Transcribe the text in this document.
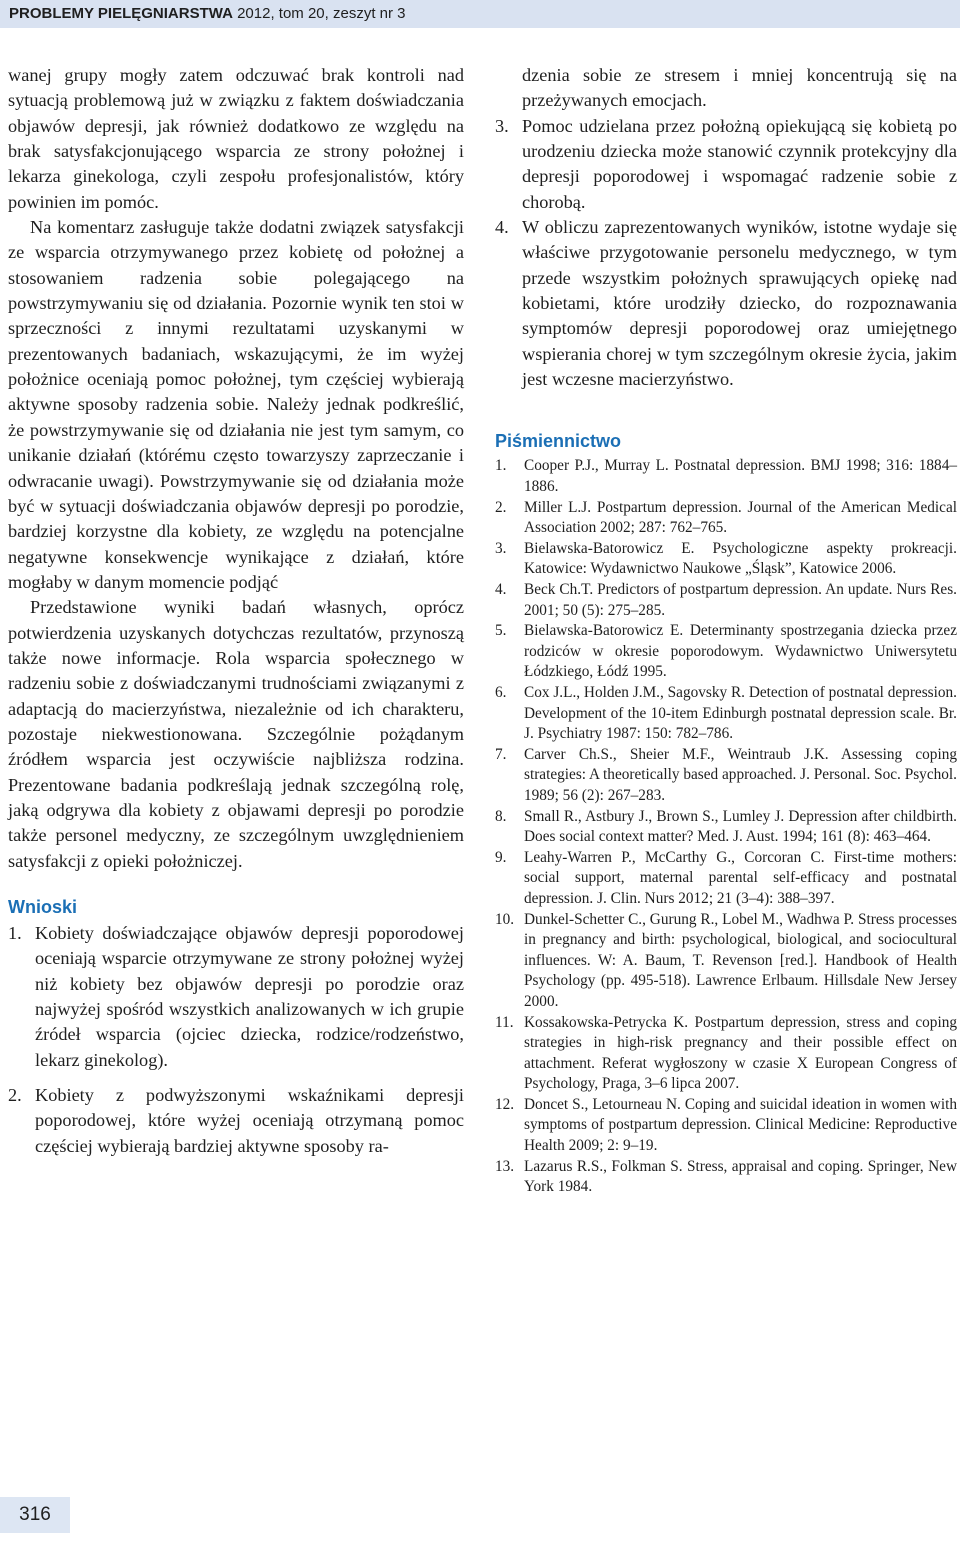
PROBLEMY PIELĘGNIARSTWA 2012, tom 20, zeszyt nr 3

wanej grupy mogły zatem odczuwać brak kontroli nad sytuacją problemową już w związku z faktem doświadczania objawów depresji, jak również dodatkowo ze względu na brak satysfakcjonującego wsparcia ze strony położnej i lekarza ginekologa, czyli zespołu profesjonalistów, który powinien im pomóc.

Na komentarz zasługuje także dodatni związek satysfakcji ze wsparcia otrzymywanego przez kobietę od położnej a stosowaniem radzenia sobie polegającego na powstrzymywaniu się od działania. Pozornie wynik ten stoi w sprzeczności z innymi rezultatami uzyskanymi w prezentowanych badaniach, wskazującymi, że im wyżej położnice oceniają pomoc położnej, tym częściej wybierają aktywne sposoby radzenia sobie. Należy jednak podkreślić, że powstrzymywanie się od działania nie jest tym samym, co unikanie działań (którému często towarzyszy zaprzeczanie i odwracanie uwagi). Powstrzymywanie się od działania może być w sytuacji doświadczania objawów depresji po porodzie, bardziej korzystne dla kobiety, ze względu na potencjalne negatywne konsekwencje wynikające z działań, które mogłaby w danym momencie podjąć

Przedstawione wyniki badań własnych, oprócz potwierdzenia uzyskanych dotychczas rezultatów, przynoszą także nowe informacje. Rola wsparcia społecznego w radzeniu sobie z doświadczanymi trudnościami związanymi z adaptacją do macierzyństwa, niezależnie od ich charakteru, pozostaje niekwestionowana. Szczególnie pożądanym źródłem wsparcia jest oczywiście najbliższa rodzina. Prezentowane badania podkreślają jednak szczególną rolę, jaką odgrywa dla kobiety z objawami depresji po porodzie także personel medyczny, ze szczególnym uwzględnieniem satysfakcji z opieki położniczej.

Wnioski
1. Kobiety doświadczające objawów depresji poporodowej oceniają wsparcie otrzymywane ze strony położnej wyżej niż kobiety bez objawów depresji po porodzie oraz najwyżej spośród wszystkich analizowanych w ich grupie źródeł wsparcia (ojciec dziecka, rodzice/rodzeństwo, lekarz ginekolog).
2. Kobiety z podwyższonymi wskaźnikami depresji poporodowej, które wyżej oceniają otrzymaną pomoc częściej wybierają bardziej aktywne sposoby ra-

dzenia sobie ze stresem i mniej koncentrują się na przeżywanych emocjach.

3. Pomoc udzielana przez położną opiekującą się kobietą po urodzeniu dziecka może stanowić czynnik protekcyjny dla depresji poporodowej i wspomagać radzenie sobie z chorobą.
4. W obliczu zaprezentowanych wyników, istotne wydaje się właściwe przygotowanie personelu medycznego, w tym przede wszystkim położnych sprawujących opiekę nad kobietami, które urodziły dziecko, do rozpoznawania symptomów depresji poporodowej oraz umiejętnego wspierania chorej w tym szczególnym okresie życia, jakim jest wczesne macierzyństwo.
Piśmiennictwo
1. Cooper P.J., Murray L. Postnatal depression. BMJ 1998; 316: 1884–1886.
2. Miller L.J. Postpartum depression. Journal of the American Medical Association 2002; 287: 762–765.
3. Bielawska-Batorowicz E. Psychologiczne aspekty prokreacji. Katowice: Wydawnictwo Naukowe „Śląsk”, Katowice 2006.
4. Beck Ch.T. Predictors of postpartum depression. An update. Nurs Res. 2001; 50 (5): 275–285.
5. Bielawska-Batorowicz E. Determinanty spostrzegania dziecka przez rodziców w okresie poporodowym. Wydawnictwo Uniwersytetu Łódzkiego, Łódź 1995.
6. Cox J.L., Holden J.M., Sagovsky R. Detection of postnatal depression. Development of the 10-item Edinburgh postnatal depression scale. Br. J. Psychiatry 1987: 150: 782–786.
7. Carver Ch.S., Sheier M.F., Weintraub J.K. Assessing coping strategies: A theoretically based approached. J. Personal. Soc. Psychol. 1989; 56 (2): 267–283.
8. Small R., Astbury J., Brown S., Lumley J. Depression after childbirth. Does social context matter? Med. J. Aust. 1994; 161 (8): 463–464.
9. Leahy-Warren P., McCarthy G., Corcoran C. First-time mothers: social support, maternal parental self-efficacy and postnatal depression. J. Clin. Nurs 2012; 21 (3–4): 388–397.
10. Dunkel-Schetter C., Gurung R., Lobel M., Wadhwa P. Stress processes in pregnancy and birth: psychological, biological, and sociocultural influences. W: A. Baum, T. Revenson [red.]. Handbook of Health Psychology (pp. 495-518). Lawrence Erlbaum. Hillsdale New Jersey 2000.
11. Kossakowska-Petrycka K. Postpartum depression, stress and coping strategies in high-risk pregnancy and their possible effect on attachment. Referat wygłoszony w czasie X European Congress of Psychology, Praga, 3–6 lipca 2007.
12. Doncet S., Letourneau N. Coping and suicidal ideation in women with symptoms of postpartum depression. Clinical Medicine: Reproductive Health 2009; 2: 9–19.
13. Lazarus R.S., Folkman S. Stress, appraisal and coping. Springer, New York 1984.
316
